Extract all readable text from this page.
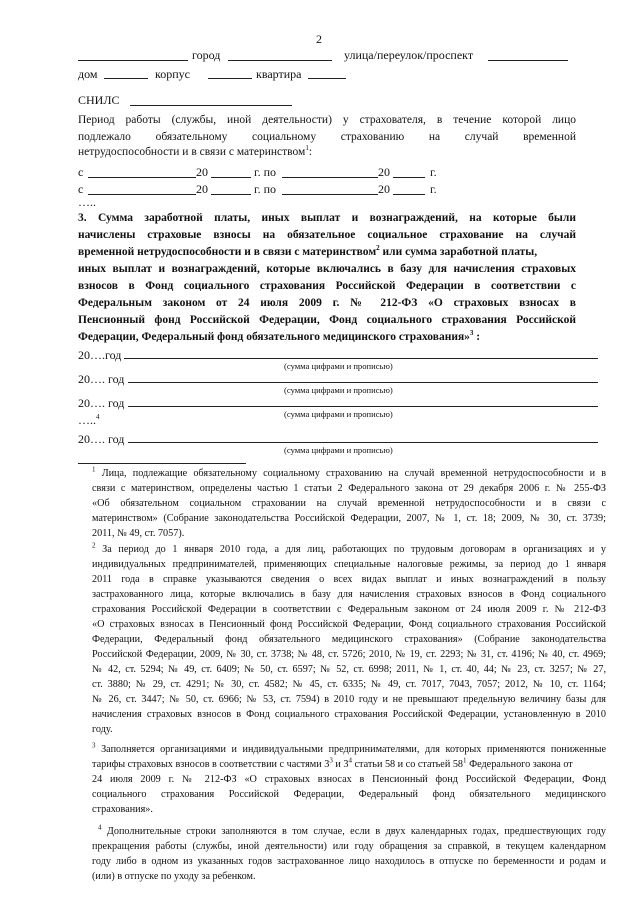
2
город	улица/переулок/проспект
дом	корпус	квартира
СНИЛС
Период работы (службы, иной деятельности) у страхователя, в течение которой лицо
подлежало обязательному социальному страхованию на случай временной
нетрудоспособности и в связи с материнством$^1$:
с	20	г. по	20	г.
с	20	г. по	20	г.
…..
3. Сумма заработной платы, иных выплат и вознаграждений, на которые были
начислены страховые взносы на обязательное социальное страхование на случай
временной нетрудоспособности и в связи с материнством$^2$ или сумма заработной платы,
иных выплат и вознаграждений, которые включались в базу для начисления страховых
взносов в Фонд социального страхования Российской Федерации в соответствии с
Федеральным законом от 24 июля 2009 г. № 212-ФЗ «О страховых взносах в
Пенсионный фонд Российской Федерации, Фонд социального страхования Российской
Федерации, Федеральный фонд обязательного медицинского страхования»$^3$ :
20….год
(сумма цифрами и прописью)
20…. год
(сумма цифрами и прописью)
20…. год
(сумма цифрами и прописью)
…..$^4$
20…. год
(сумма цифрами и прописью)
$^1$ Лица, подлежащие обязательному социальному страхованию на случай временной нетрудоспособности и в
связи с материнством, определены частью 1 статьи 2 Федерального закона от 29 декабря 2006 г. № 255-ФЗ
«Об обязательном социальном страховании на случай временной нетрудоспособности и в связи с
материнством» (Собрание законодательства Российской Федерации, 2007, № 1, ст. 18; 2009, № 30, ст. 3739;
2011, № 49, ст. 7057).
$^2$ За период до 1 января 2010 года, а для лиц, работающих по трудовым договорам в организациях и у
индивидуальных предпринимателей, применяющих специальные налоговые режимы, за период до 1 января
2011 года в справке указываются сведения о всех видах выплат и иных вознаграждений в пользу
застрахованного лица, которые включались в базу для начисления страховых взносов в Фонд социального
страхования Российской Федерации в соответствии с Федеральным законом от 24 июля 2009 г. № 212-ФЗ
«О страховых взносах в Пенсионный фонд Российской Федерации, Фонд социального страхования Российской
Федерации, Федеральный фонд обязательного медицинского страхования» (Собрание законодательства
Российской Федерации, 2009, № 30, ст. 3738; № 48, ст. 5726; 2010, № 19, ст. 2293; № 31, ст. 4196; № 40, ст. 4969;
№ 42, ст. 5294; № 49, ст. 6409; № 50, ст. 6597; № 52, ст. 6998; 2011, № 1, ст. 40, 44; № 23, ст. 3257; № 27,
ст. 3880; № 29, ст. 4291; № 30, ст. 4582; № 45, ст. 6335; № 49, ст. 7017, 7043, 7057; 2012, № 10, ст. 1164;
№ 26, ст. 3447; № 50, ст. 6966; № 53, ст. 7594) в 2010 году и не превышают предельную величину базы для
начисления страховых взносов в Фонд социального страхования Российской Федерации, установленную в 2010
году.
$^3$ Заполняется организациями и индивидуальными предпринимателями, для которых применяются пониженные
тарифы страховых взносов в соответствии с частями $3^3$ и $3^4$ статьи 58 и со статьей $58^1$ Федерального закона от
24 июля 2009 г. № 212-ФЗ «О страховых взносах в Пенсионный фонд Российской Федерации, Фонд
социального страхования Российской Федерации, Федеральный фонд обязательного медицинского
страхования».
$^4$ Дополнительные строки заполняются в том случае, если в двух календарных годах, предшествующих году
прекращения работы (службы, иной деятельности) или году обращения за справкой, в текущем календарном
году либо в одном из указанных годов застрахованное лицо находилось в отпуске по беременности и родам и
(или) в отпуске по уходу за ребенком.
